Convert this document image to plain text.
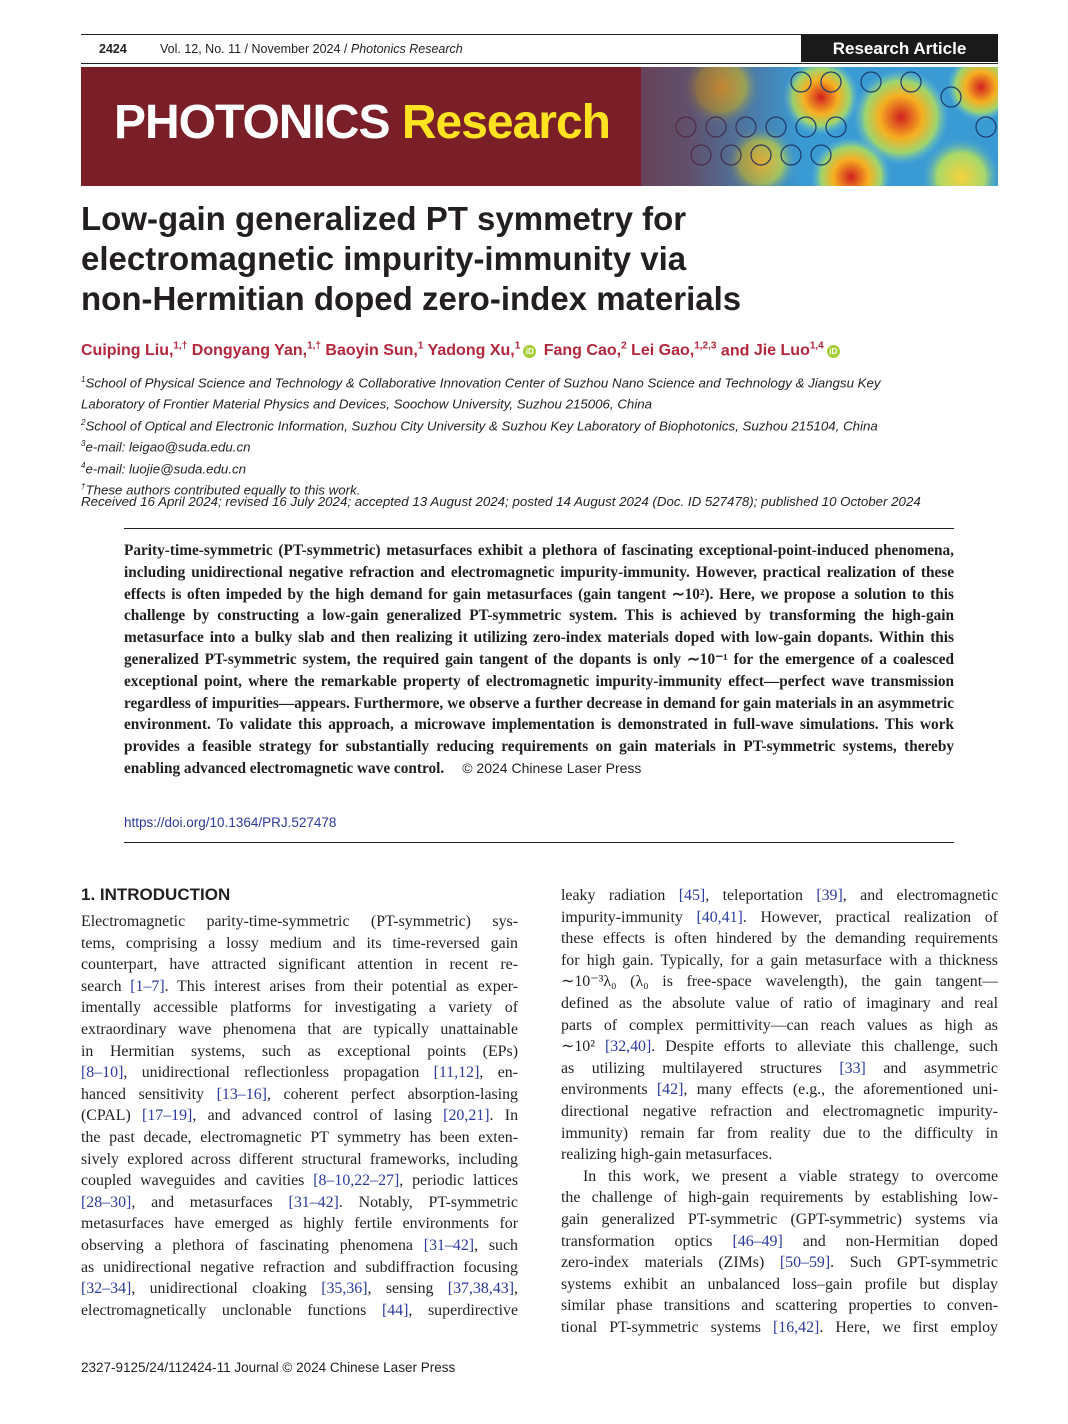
2424	Vol. 12, No. 11 / November 2024 / Photonics Research	Research Article
PHOTONICS Research
Low-gain generalized PT symmetry for
electromagnetic impurity-immunity via
non-Hermitian doped zero-index materials
Cuiping Liu,$^{1,\dagger}$ Dongyang Yan,$^{1,\dagger}$ Baoyin Sun,$^1$ Yadong Xu,$^1$ iD Fang Cao,$^2$ Lei Gao,$^{1,2,3}$ and Jie Luo$^{1,4}$ iD
$^1$School of Physical Science and Technology & Collaborative Innovation Center of Suzhou Nano Science and Technology & Jiangsu Key
Laboratory of Frontier Material Physics and Devices, Soochow University, Suzhou 215006, China
$^2$School of Optical and Electronic Information, Suzhou City University & Suzhou Key Laboratory of Biophotonics, Suzhou 215104, China
$^3$e-mail: leigao@suda.edu.cn
$^4$e-mail: luojie@suda.edu.cn
†These authors contributed equally to this work.
Received 16 April 2024; revised 16 July 2024; accepted 13 August 2024; posted 14 August 2024 (Doc. ID 527478); published 10 October 2024
Parity-time-symmetric (PT-symmetric) metasurfaces exhibit a plethora of fascinating exceptional-point-induced phenomena, including unidirectional negative refraction and electromagnetic impurity-immunity. However, practical realization of these effects is often impeded by the high demand for gain metasurfaces (gain tangent ∼10²). Here, we propose a solution to this challenge by constructing a low-gain generalized PT-symmetric system. This is achieved by transforming the high-gain metasurface into a bulky slab and then realizing it utilizing zero-index materials doped with low-gain dopants. Within this generalized PT-symmetric system, the required gain tangent of the dopants is only ∼10⁻¹ for the emergence of a coalesced exceptional point, where the remarkable property of electromagnetic impurity-immunity effect—perfect wave transmission regardless of impurities—appears. Furthermore, we observe a further decrease in demand for gain materials in an asymmetric environment. To validate this approach, a microwave implementation is demonstrated in full-wave simulations. This work provides a feasible strategy for substantially reducing requirements on gain materials in PT-symmetric systems, thereby enabling advanced electromagnetic wave control. © 2024 Chinese Laser Press
https://doi.org/10.1364/PRJ.527478
1. INTRODUCTION
Electromagnetic parity-time-symmetric (PT-symmetric) sys-
tems, comprising a lossy medium and its time-reversed gain
counterpart, have attracted significant attention in recent re-
search [1–7]. This interest arises from their potential as exper-
imentally accessible platforms for investigating a variety of
extraordinary wave phenomena that are typically unattainable
in Hermitian systems, such as exceptional points (EPs)
[8–10], unidirectional reflectionless propagation [11,12], en-
hanced sensitivity [13–16], coherent perfect absorption-lasing
(CPAL) [17–19], and advanced control of lasing [20,21]. In
the past decade, electromagnetic PT symmetry has been exten-
sively explored across different structural frameworks, including
coupled waveguides and cavities [8–10,22–27], periodic lattices
[28–30], and metasurfaces [31–42]. Notably, PT-symmetric
metasurfaces have emerged as highly fertile environments for
observing a plethora of fascinating phenomena [31–42], such
as unidirectional negative refraction and subdiffraction focusing
[32–34], unidirectional cloaking [35,36], sensing [37,38,43],
electromagnetically unclonable functions [44], superdirective
leaky radiation [45], teleportation [39], and electromagnetic
impurity-immunity [40,41]. However, practical realization of
these effects is often hindered by the demanding requirements
for high gain. Typically, for a gain metasurface with a thickness
∼10⁻³λ₀ (λ₀ is free-space wavelength), the gain tangent—
defined as the absolute value of ratio of imaginary and real
parts of complex permittivity—can reach values as high as
∼10² [32,40]. Despite efforts to alleviate this challenge, such
as utilizing multilayered structures [33] and asymmetric
environments [42], many effects (e.g., the aforementioned uni-
directional negative refraction and electromagnetic impurity-
immunity) remain far from reality due to the difficulty in
realizing high-gain metasurfaces.
In this work, we present a viable strategy to overcome
the challenge of high-gain requirements by establishing low-
gain generalized PT-symmetric (GPT-symmetric) systems via
transformation optics [46–49] and non-Hermitian doped
zero-index materials (ZIMs) [50–59]. Such GPT-symmetric
systems exhibit an unbalanced loss–gain profile but display
similar phase transitions and scattering properties to conven-
tional PT-symmetric systems [16,42]. Here, we first employ
2327-9125/24/112424-11 Journal © 2024 Chinese Laser Press
